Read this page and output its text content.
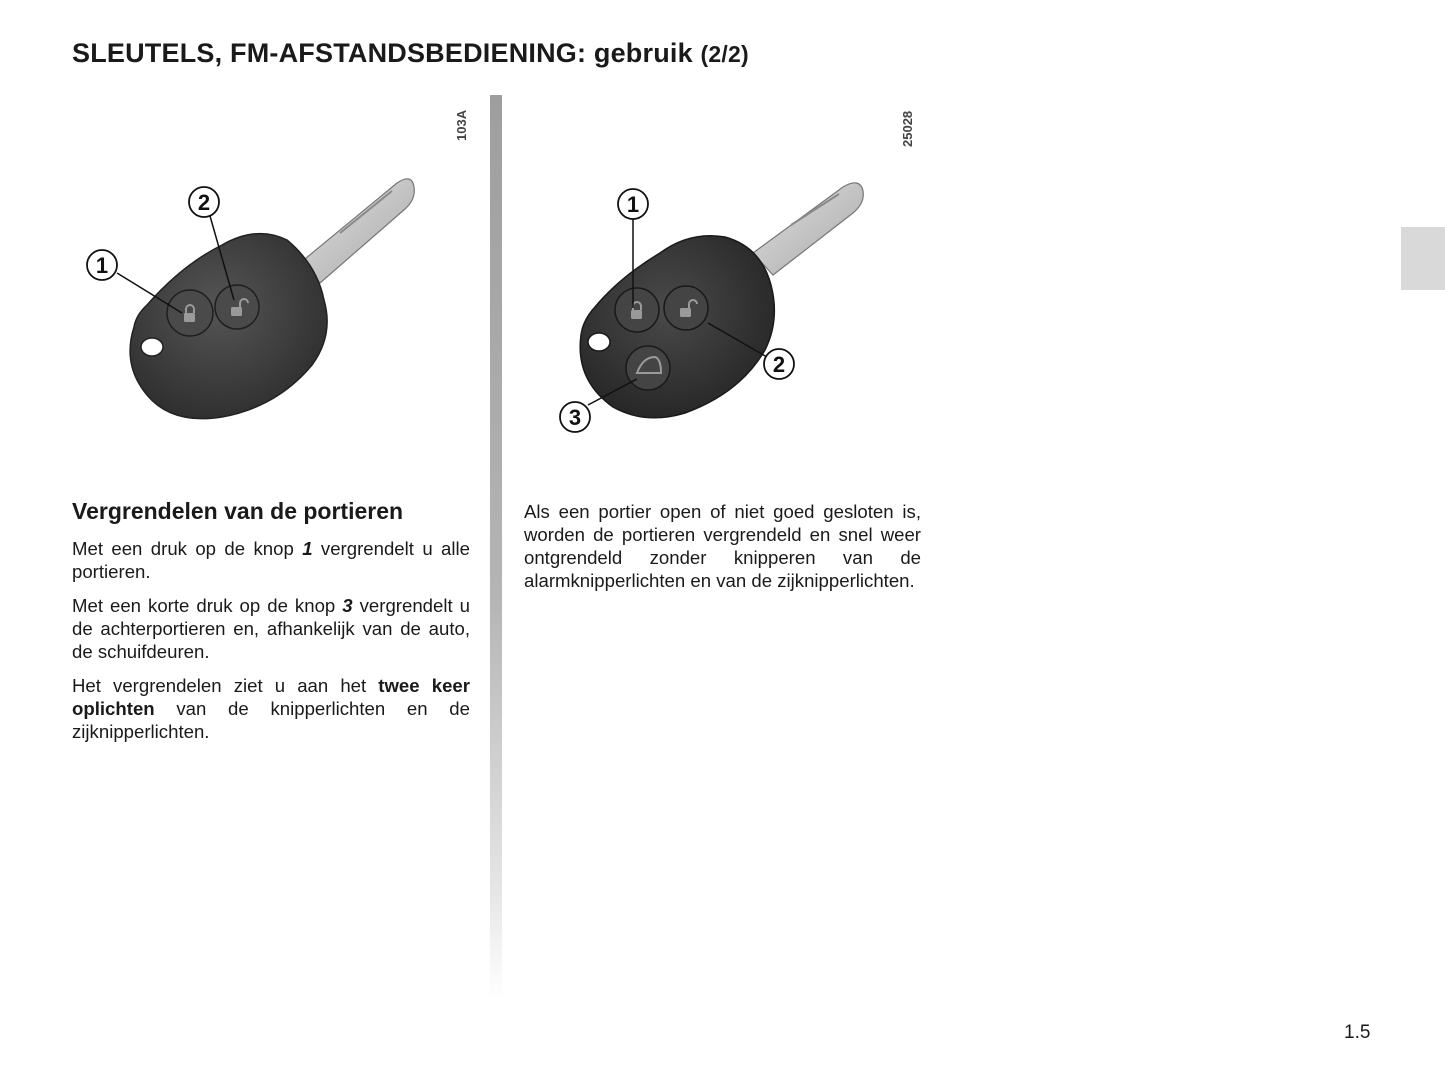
SLEUTELS, FM-AFSTANDSBEDIENING: gebruik (2/2)
103A
1
2
25028
1
2
3
Vergrendelen van de portieren

Met een druk op de knop 1 vergrendelt u alle portieren.

Met een korte druk op de knop 3 vergrendelt u de achterportieren en, afhankelijk van de auto, de schuifdeuren.

Het vergrendelen ziet u aan het twee keer oplichten van de knipperlichten en de zijknipperlichten.

Als een portier open of niet goed gesloten is, worden de portieren vergrendeld en snel weer ontgrendeld zonder knipperen van de alarmknipperlichten en van de zijknipperlichten.

1.5
